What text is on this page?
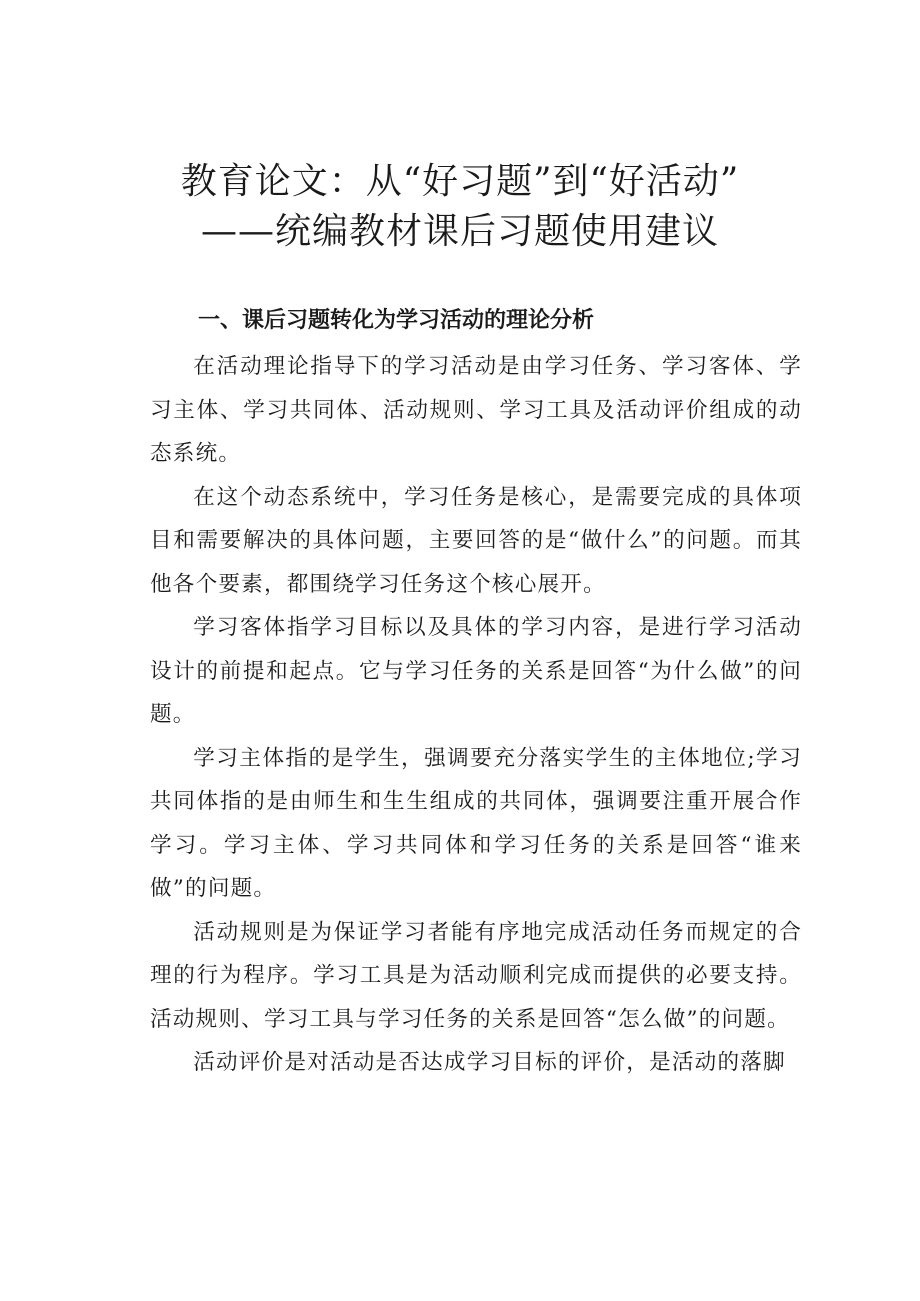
教育论文：从“好习题”到“好活动”
——统编教材课后习题使用建议
一、课后习题转化为学习活动的理论分析

在活动理论指导下的学习活动是由学习任务、学习客体、学习主体、学习共同体、活动规则、学习工具及活动评价组成的动态系统。

在这个动态系统中，学习任务是核心，是需要完成的具体项目和需要解决的具体问题，主要回答的是“做什么”的问题。而其他各个要素，都围绕学习任务这个核心展开。

学习客体指学习目标以及具体的学习内容，是进行学习活动设计的前提和起点。它与学习任务的关系是回答“为什么做”的问题。

学习主体指的是学生，强调要充分落实学生的主体地位;学习共同体指的是由师生和生生组成的共同体，强调要注重开展合作学习。学习主体、学习共同体和学习任务的关系是回答“谁来做”的问题。

活动规则是为保证学习者能有序地完成活动任务而规定的合理的行为程序。学习工具是为活动顺利完成而提供的必要支持。活动规则、学习工具与学习任务的关系是回答“怎么做”的问题。

活动评价是对活动是否达成学习目标的评价，是活动的落脚
